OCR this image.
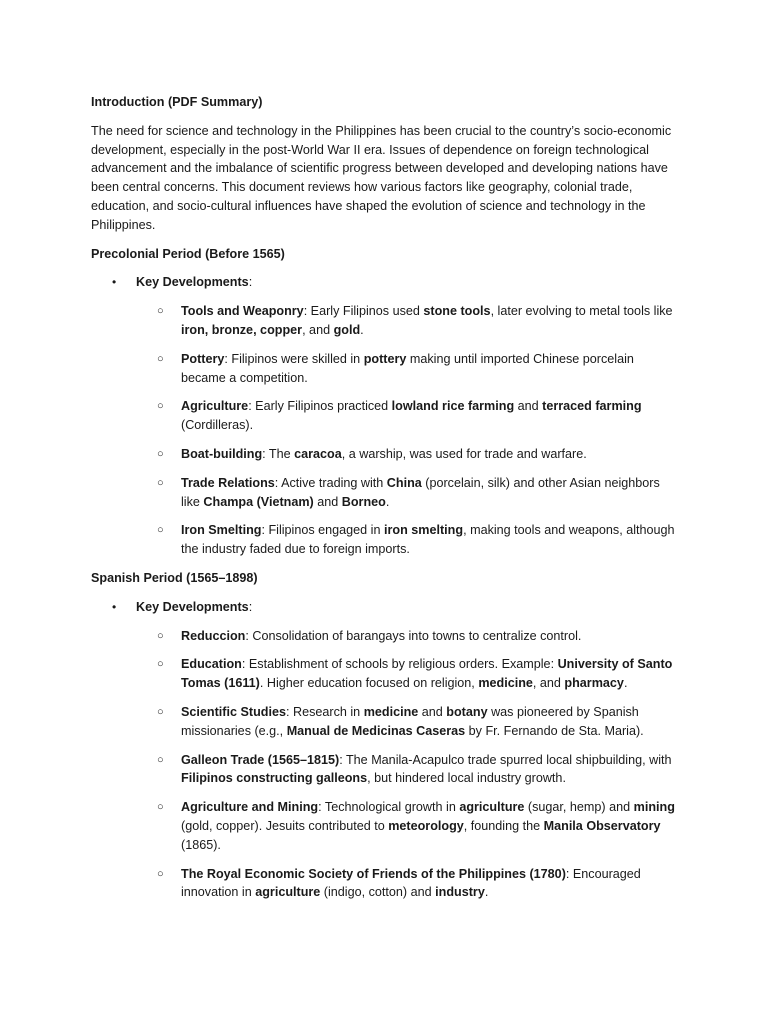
Introduction (PDF Summary)
The need for science and technology in the Philippines has been crucial to the country’s socio-economic development, especially in the post-World War II era. Issues of dependence on foreign technological advancement and the imbalance of scientific progress between developed and developing nations have been central concerns. This document reviews how various factors like geography, colonial trade, education, and socio-cultural influences have shaped the evolution of science and technology in the Philippines.
Precolonial Period (Before 1565)
• Key Developments:
○ Tools and Weaponry: Early Filipinos used stone tools, later evolving to metal tools like iron, bronze, copper, and gold.
○ Pottery: Filipinos were skilled in pottery making until imported Chinese porcelain became a competition.
○ Agriculture: Early Filipinos practiced lowland rice farming and terraced farming (Cordilleras).
○ Boat-building: The caracoa, a warship, was used for trade and warfare.
○ Trade Relations: Active trading with China (porcelain, silk) and other Asian neighbors like Champa (Vietnam) and Borneo.
○ Iron Smelting: Filipinos engaged in iron smelting, making tools and weapons, although the industry faded due to foreign imports.
Spanish Period (1565–1898)
• Key Developments:
○ Reduccion: Consolidation of barangays into towns to centralize control.
○ Education: Establishment of schools by religious orders. Example: University of Santo Tomas (1611). Higher education focused on religion, medicine, and pharmacy.
○ Scientific Studies: Research in medicine and botany was pioneered by Spanish missionaries (e.g., Manual de Medicinas Caseras by Fr. Fernando de Sta. Maria).
○ Galleon Trade (1565–1815): The Manila-Acapulco trade spurred local shipbuilding, with Filipinos constructing galleons, but hindered local industry growth.
○ Agriculture and Mining: Technological growth in agriculture (sugar, hemp) and mining (gold, copper). Jesuits contributed to meteorology, founding the Manila Observatory (1865).
○ The Royal Economic Society of Friends of the Philippines (1780): Encouraged innovation in agriculture (indigo, cotton) and industry.
